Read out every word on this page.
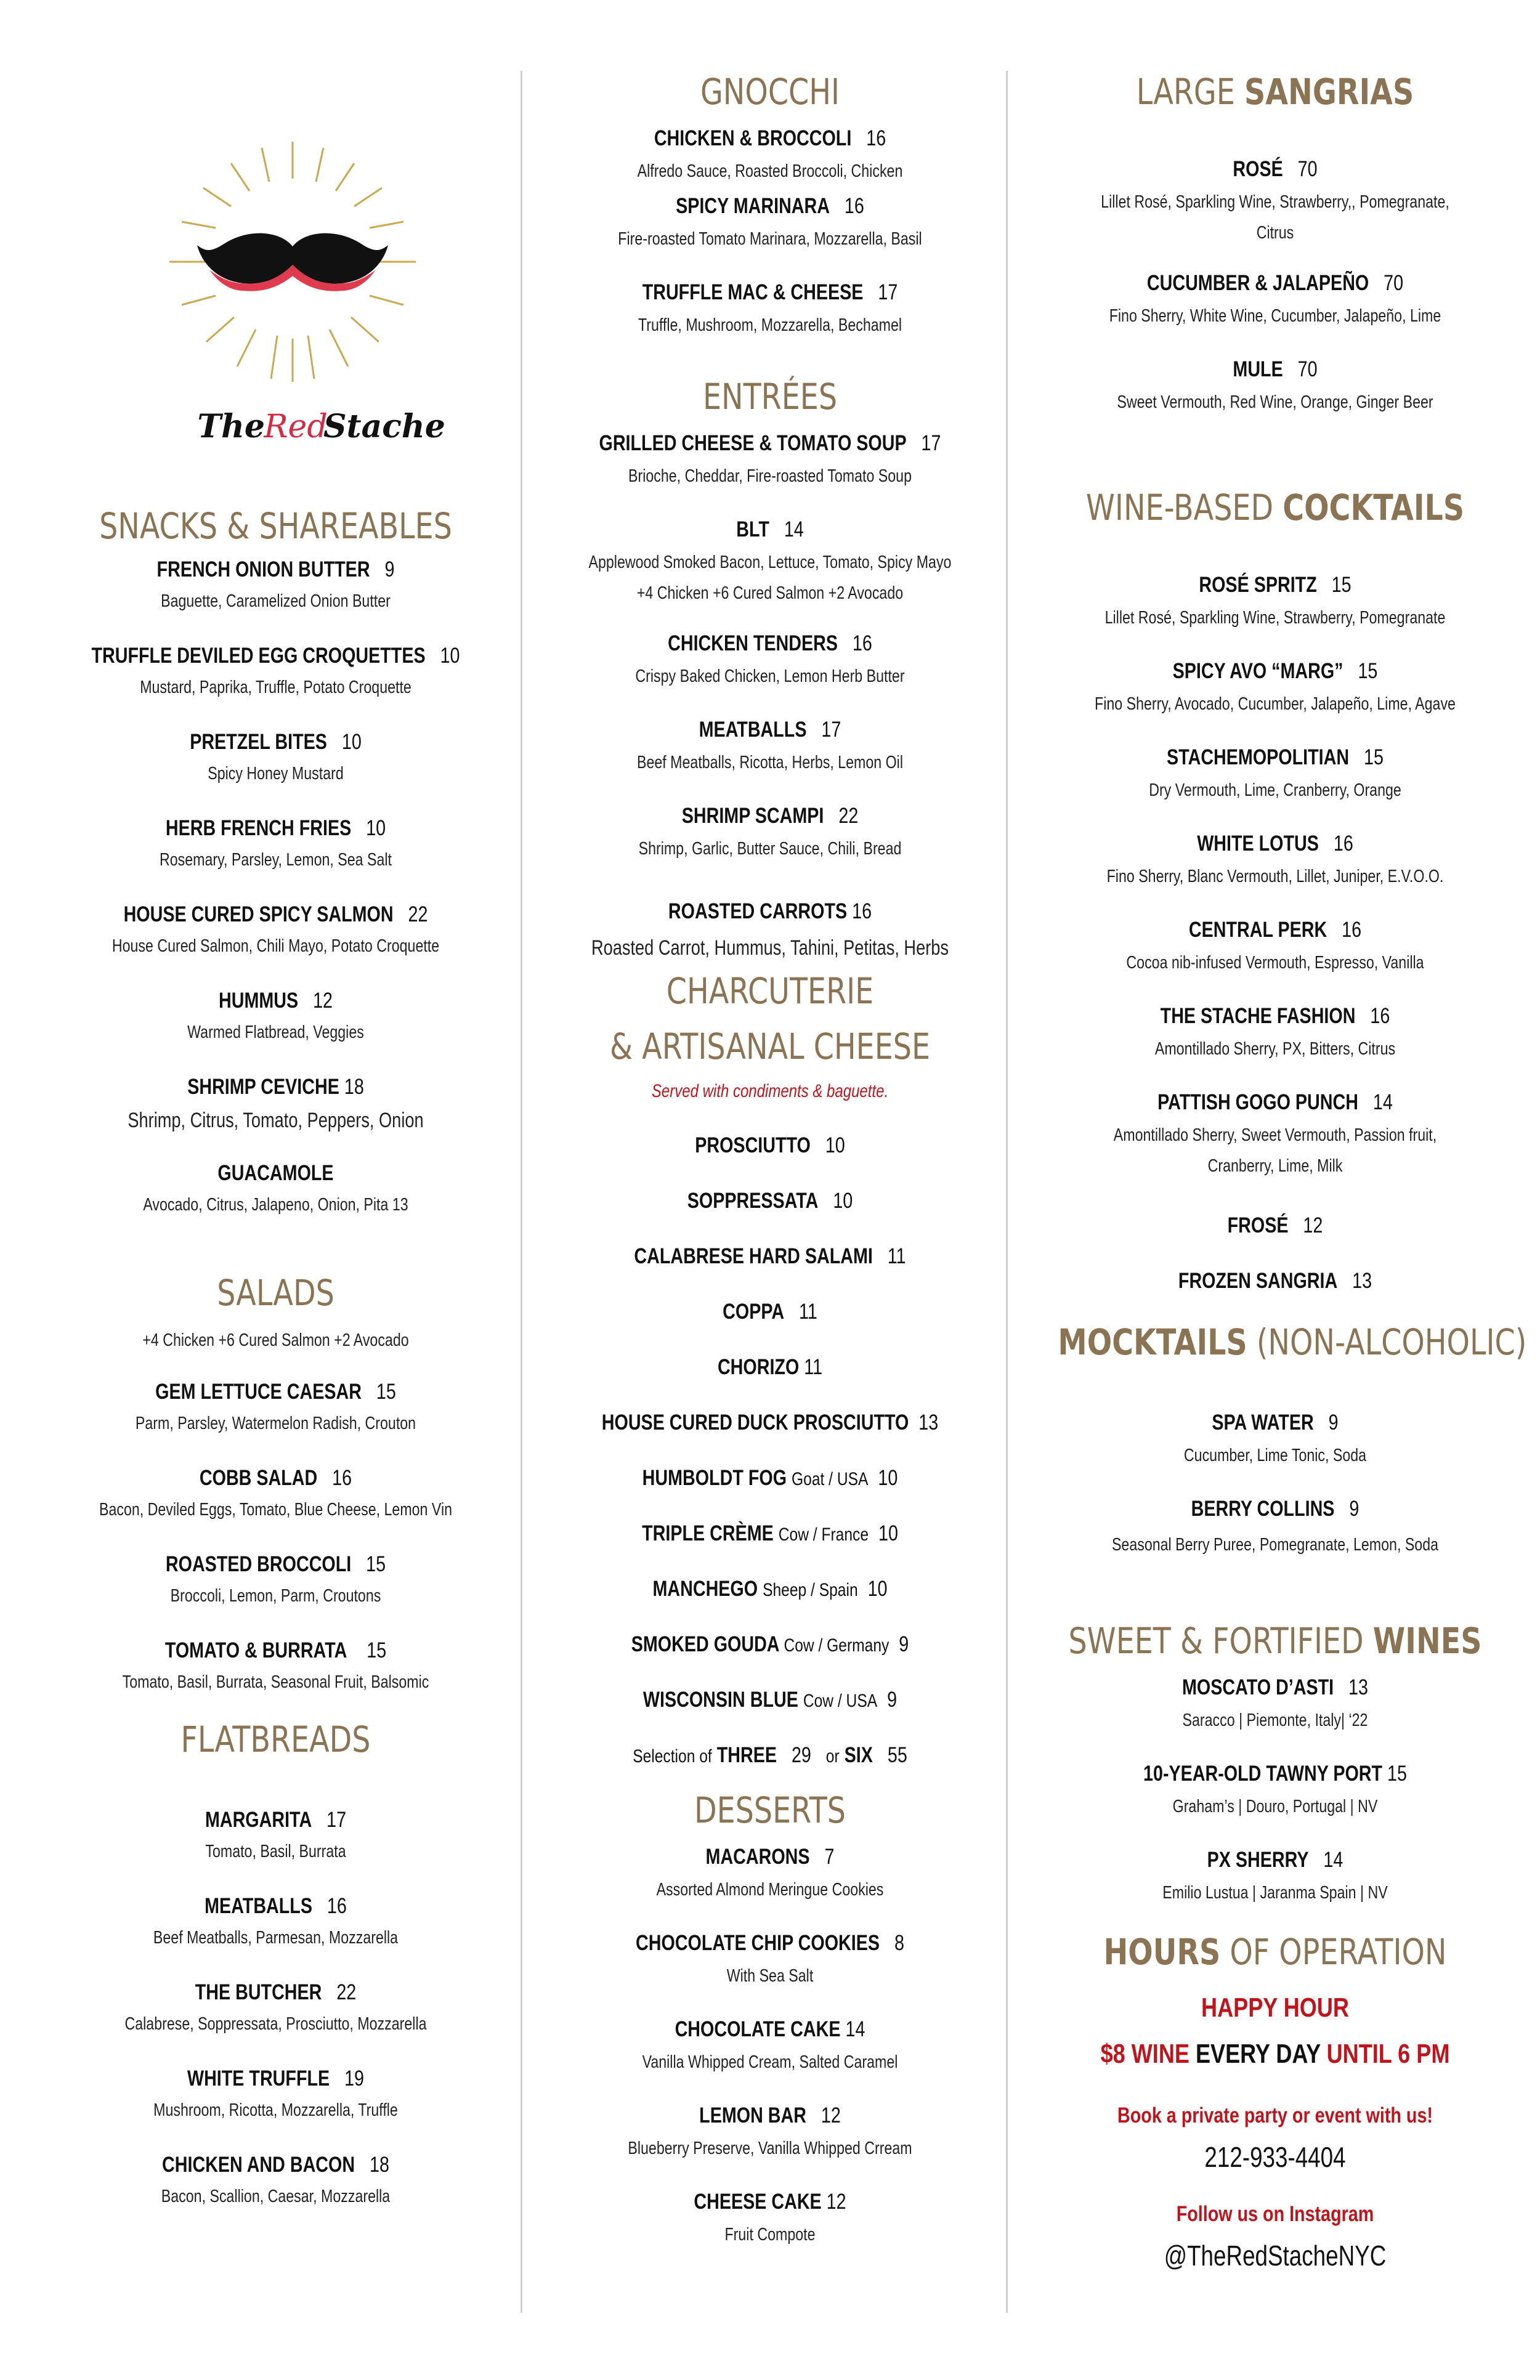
The
Red
Stache
SNACKS & SHAREABLES
FRENCH ONION BUTTER 9
Baguette, Caramelized Onion Butter
TRUFFLE DEVILED EGG CROQUETTES 10
Mustard, Paprika, Truffle, Potato Croquette
PRETZEL BITES 10
Spicy Honey Mustard
HERB FRENCH FRIES 10
Rosemary, Parsley, Lemon, Sea Salt
HOUSE CURED SPICY SALMON 22
House Cured Salmon, Chili Mayo, Potato Croquette
HUMMUS 12
Warmed Flatbread, Veggies
SHRIMP CEVICHE 18
Shrimp, Citrus, Tomato, Peppers, Onion
GUACAMOLE
Avocado, Citrus, Jalapeno, Onion, Pita 13
SALADS
+4 Chicken +6 Cured Salmon +2 Avocado
GEM LETTUCE CAESAR 15
Parm, Parsley, Watermelon Radish, Crouton
COBB SALAD 16
Bacon, Deviled Eggs, Tomato, Blue Cheese, Lemon Vin
ROASTED BROCCOLI 15
Broccoli, Lemon, Parm, Croutons
TOMATO & BURRATA 15
Tomato, Basil, Burrata, Seasonal Fruit, Balsomic
FLATBREADS
MARGARITA 17
Tomato, Basil, Burrata
MEATBALLS 16
Beef Meatballs, Parmesan, Mozzarella
THE BUTCHER 22
Calabrese, Soppressata, Prosciutto, Mozzarella
WHITE TRUFFLE 19
Mushroom, Ricotta, Mozzarella, Truffle
CHICKEN AND BACON 18
Bacon, Scallion, Caesar, Mozzarella
GNOCCHI
CHICKEN & BROCCOLI 16
Alfredo Sauce, Roasted Broccoli, Chicken
SPICY MARINARA 16
Fire-roasted Tomato Marinara, Mozzarella, Basil
TRUFFLE MAC & CHEESE 17
Truffle, Mushroom, Mozzarella, Bechamel
ENTRÉES
GRILLED CHEESE & TOMATO SOUP 17
Brioche, Cheddar, Fire-roasted Tomato Soup
BLT 14
Applewood Smoked Bacon, Lettuce, Tomato, Spicy Mayo
+4 Chicken +6 Cured Salmon +2 Avocado
CHICKEN TENDERS 16
Crispy Baked Chicken, Lemon Herb Butter
MEATBALLS 17
Beef Meatballs, Ricotta, Herbs, Lemon Oil
SHRIMP SCAMPI 22
Shrimp, Garlic, Butter Sauce, Chili, Bread
ROASTED CARROTS 16
Roasted Carrot, Hummus, Tahini, Petitas, Herbs
CHARCUTERIE
& ARTISANAL CHEESE
Served with condiments & baguette.
PROSCIUTTO 10
SOPPRESSATA 10
CALABRESE HARD SALAMI 11
COPPA 11
CHORIZO 11
HOUSE CURED DUCK PROSCIUTTO 13
HUMBOLDT FOG Goat / USA 10
TRIPLE CRÈME Cow / France 10
MANCHEGO Sheep / Spain 10
SMOKED GOUDA Cow / Germany 9
WISCONSIN BLUE Cow / USA 9
Selection of THREE 29 or SIX 55
DESSERTS
MACARONS 7
Assorted Almond Meringue Cookies
CHOCOLATE CHIP COOKIES 8
With Sea Salt
CHOCOLATE CAKE 14
Vanilla Whipped Cream, Salted Caramel
LEMON BAR 12
Blueberry Preserve, Vanilla Whipped Crream
CHEESE CAKE 12
Fruit Compote
LARGE SANGRIAS
ROSÉ 70
Lillet Rosé, Sparkling Wine, Strawberry,, Pomegranate,
Citrus
CUCUMBER & JALAPEÑO 70
Fino Sherry, White Wine, Cucumber, Jalapeño, Lime
MULE 70
Sweet Vermouth, Red Wine, Orange, Ginger Beer
WINE-BASED COCKTAILS
ROSÉ SPRITZ 15
Lillet Rosé, Sparkling Wine, Strawberry, Pomegranate
SPICY AVO “MARG” 15
Fino Sherry, Avocado, Cucumber, Jalapeño, Lime, Agave
STACHEMOPOLITIAN 15
Dry Vermouth, Lime, Cranberry, Orange
WHITE LOTUS 16
Fino Sherry, Blanc Vermouth, Lillet, Juniper, E.V.O.O.
CENTRAL PERK 16
Cocoa nib-infused Vermouth, Espresso, Vanilla
THE STACHE FASHION 16
Amontillado Sherry, PX, Bitters, Citrus
PATTISH GOGO PUNCH 14
Amontillado Sherry, Sweet Vermouth, Passion fruit,
Cranberry, Lime, Milk
FROSÉ 12
FROZEN SANGRIA 13
MOCKTAILS (NON-ALCOHOLIC)
SPA WATER 9
Cucumber, Lime Tonic, Soda
BERRY COLLINS 9
Seasonal Berry Puree, Pomegranate, Lemon, Soda
SWEET & FORTIFIED WINES
MOSCATO D’ASTI 13
Saracco | Piemonte, Italy| ‘22
10-YEAR-OLD TAWNY PORT 15
Graham’s | Douro, Portugal | NV
PX SHERRY 14
Emilio Lustua | Jaranma Spain | NV
HOURS OF OPERATION
HAPPY HOUR
$8 WINE EVERY DAY UNTIL 6 PM
Book a private party or event with us!
212-933-4404
Follow us on Instagram
@TheRedStacheNYC
